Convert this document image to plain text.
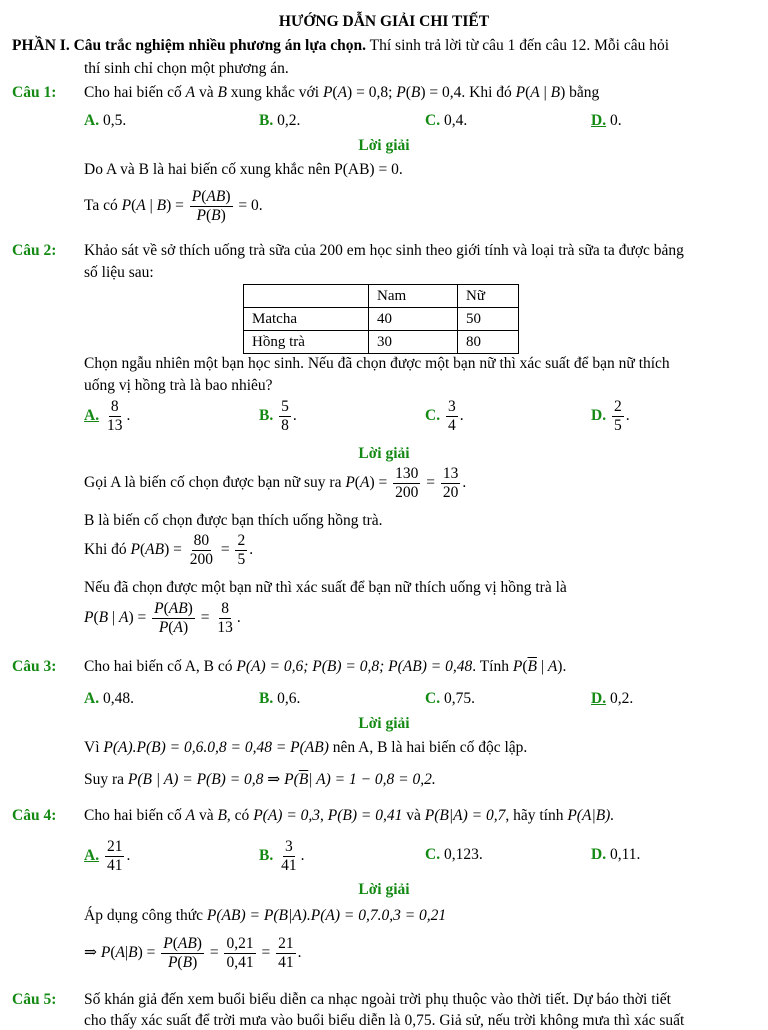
HƯỚNG DẪN GIẢI CHI TIẾT
PHẦN I. Câu trắc nghiệm nhiều phương án lựa chọn. Thí sinh trả lời từ câu 1 đến câu 12. Mỗi câu hỏi
thí sinh chỉ chọn một phương án.
Câu 1: Cho hai biến cố A và B xung khắc với P(A) = 0,8; P(B) = 0,4. Khi đó P(A | B) bằng
A. 0,5.	B. 0,2.	C. 0,4.	D. 0.
Lời giải
Do A và B là hai biến cố xung khắc nên P(AB) = 0.
Ta có P(A | $B) = \frac{P(AB)}{P(B)} = 0$.
Câu 2: Khảo sát về sở thích uống trà sữa của 200 em học sinh theo giới tính và loại trà sữa ta được bảng
số liệu sau:
	Nam	Nữ
Matcha	40	50
Hồng trà	30	80
Chọn ngẫu nhiên một bạn học sinh. Nếu đã chọn được một bạn nữ thì xác suất để bạn nữ thích
uống vị hồng trà là bao nhiêu?
A. $\frac{8}{13}$ .	B. $\frac{5}{8}$ .	C. $\frac{3}{4}$ .	D. $\frac{2}{5}$ .
Lời giải
Gọi A là biến cố chọn được bạn nữ suy ra $P(A) = \frac{130}{200} = \frac{13}{20}$ .
B là biến cố chọn được bạn thích uống hồng trà.
Khi đó $P(AB) = \frac{80}{200} = \frac{2}{5}$ .
Nếu đã chọn được một bạn nữ thì xác suất để bạn nữ thích uống vị hồng trà là
P(B | $A) = \frac{P(AB)}{P(A)} = \frac{8}{13}$ .
Câu 3: Cho hai biến cố A, B có P(A) = 0,6; P(B) = 0,8; P(AB) = 0,48. Tính $P(\overline{B}$ | A).
A. 0,48.	B. 0,6.	C. 0,75.	D. 0,2.
Lời giải
Vì P(A).P(B) = 0,6.0,8 = 0,48 = P(AB) nên A, B là hai biến cố độc lập.
Suy ra P(B | A) = P(B) = 0,8 ⇒ $P(\overline{B}|$ A) = 1 − 0,8 = 0,2.
Câu 4: Cho hai biến cố A và B, có P(A) = 0,3, P(B) = 0,41 và P(B|A) = 0,7, hãy tính P(A|B).
A. $\frac{21}{41}$ .	B. $\frac{3}{41}$ .	C. 0,123.	D. 0,11.
Lời giải
Áp dụng công thức P(AB) = P(B|A).P(A) = 0,7.0,3 = 0,21
⇒ $P(A|B) = \frac{P(AB)}{P(B)} = \frac{0,21}{0,41} = \frac{21}{41}$ .
Câu 5: Số khán giả đến xem buổi biểu diễn ca nhạc ngoài trời phụ thuộc vào thời tiết. Dự báo thời tiết
cho thấy xác suất để trời mưa vào buổi biểu diễn là 0,75. Giả sử, nếu trời không mưa thì xác suất
